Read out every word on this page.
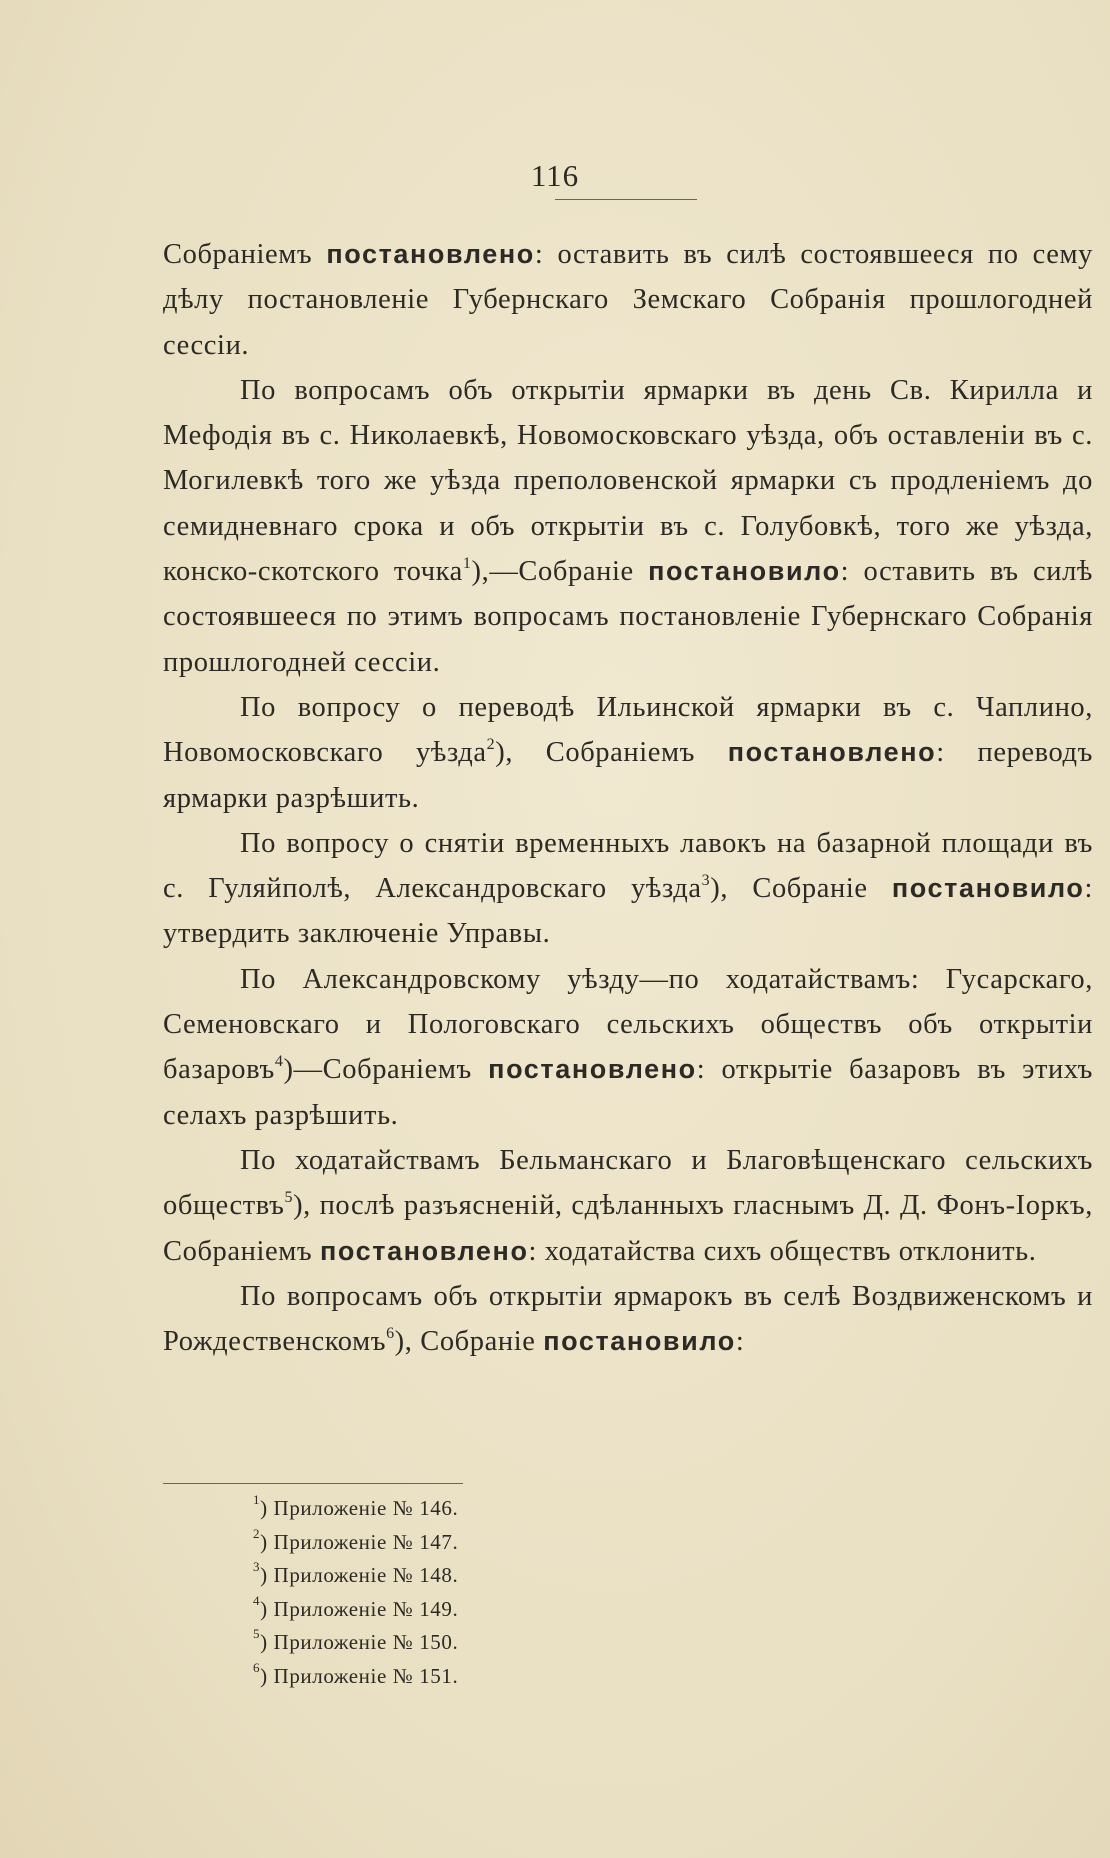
116

Собраніемъ постановлено: оставить въ силѣ состоявшееся по сему дѣлу постановленіе Губернскаго Земскаго Собранія прошлогодней сессіи.

По вопросамъ объ открытіи ярмарки въ день Св. Кирилла и Мефодія въ с. Николаевкѣ, Новомосковскаго уѣзда, объ оставленіи въ с. Могилевкѣ того же уѣзда преполовенской ярмарки съ продленіемъ до семидневнаго срока и объ открытіи въ с. Голубовкѣ, того же уѣзда, конско-скотского точка$^1$),—Собраніе постановило: оставить въ силѣ состоявшееся по этимъ вопросамъ постановленіе Губернскаго Собранія прошлогодней сессіи.

По вопросу о переводѣ Ильинской ярмарки въ с. Чаплино, Новомосковскаго уѣзда$^2$), Собраніемъ постановлено: переводъ ярмарки разрѣшить.

По вопросу о снятіи временныхъ лавокъ на базарной площади въ с. Гуляйполѣ, Александровскаго уѣзда$^3$), Собраніе постановило: утвердить заключеніе Управы.

По Александровскому уѣзду—по ходатайствамъ: Гусарскаго, Семеновскаго и Пологовскаго сельскихъ обществъ объ открытіи базаровъ$^4$)—Собраніемъ постановлено: открытіе базаровъ въ этихъ селахъ разрѣшить.

По ходатайствамъ Бельманскаго и Благовѣщенскаго сельскихъ обществъ$^5$), послѣ разъясненій, сдѣланныхъ гласнымъ Д. Д. Фонъ-Іоркъ, Собраніемъ постановлено: ходатайства сихъ обществъ отклонить.

По вопросамъ объ открытіи ярмарокъ въ селѣ Воздвиженскомъ и Рождественскомъ$^6$), Собраніе постановило:

$^1$) Приложеніе № 146.
$^2$) Приложеніе № 147.
$^3$) Приложеніе № 148.
$^4$) Приложеніе № 149.
$^5$) Приложеніе № 150.
$^6$) Приложеніе № 151.
